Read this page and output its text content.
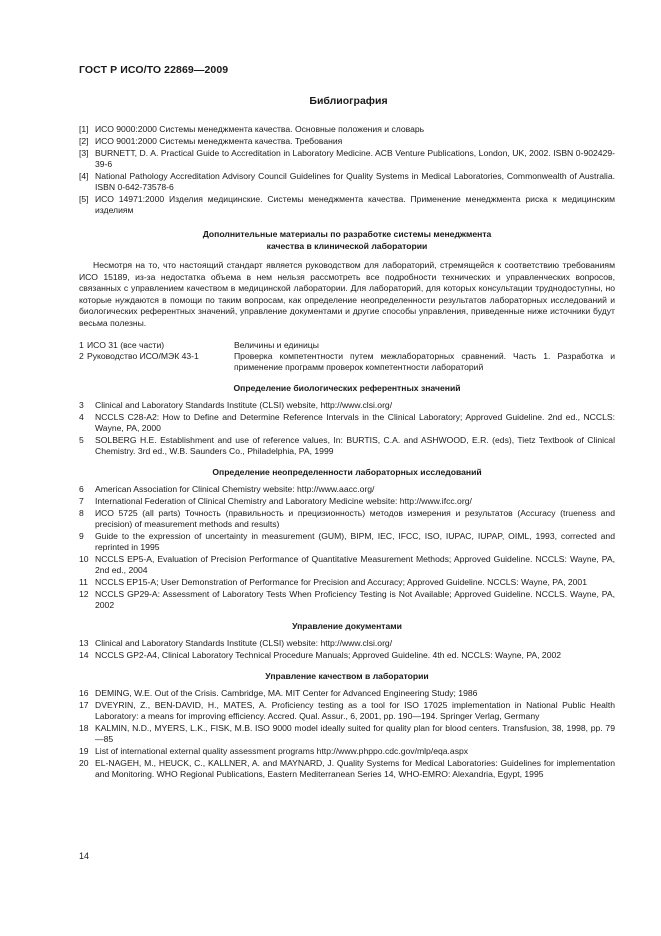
ГОСТ Р ИСО/ТО 22869—2009
Библиография
[1] ИСО 9000:2000 Системы менеджмента качества. Основные положения и словарь
[2] ИСО 9001:2000 Системы менеджмента качества. Требования
[3] BURNETT, D. A. Practical Guide to Accreditation in Laboratory Medicine. ACB Venture Publications, London, UK, 2002. ISBN 0-902429-39-6
[4] National Pathology Accreditation Advisory Council Guidelines for Quality Systems in Medical Laboratories, Commonwealth of Australia. ISBN 0-642-73578-6
[5] ИСО 14971:2000 Изделия медицинские. Системы менеджмента качества. Применение менеджмента риска к медицинским изделиям
Дополнительные материалы по разработке системы менеджмента
качества в клинической лаборатории
Несмотря на то, что настоящий стандарт является руководством для лабораторий, стремящейся к соответствию требованиям ИСО 15189, из-за недостатка объема в нем нельзя рассмотреть все подробности технических и управленческих вопросов, связанных с управлением качеством в медицинской лаборатории. Для лабораторий, для которых консультации труднодоступны, но которые нуждаются в помощи по таким вопросам, как определение неопределенности результатов лабораторных исследований и биологических референтных значений, управление документами и другие способы управления, приведенные ниже источники будут весьма полезны.
1 ИСО 31 (все части)	Величины и единицы
2 Руководство ИСО/МЭК 43-1	Проверка компетентности путем межлабораторных сравнений. Часть 1. Разработка и применение программ проверок компетентности лабораторий
Определение биологических референтных значений
3	Clinical and Laboratory Standards Institute (CLSI) website, http://www.clsi.org/
4	NCCLS C28-A2: How to Define and Determine Reference Intervals in the Clinical Laboratory; Approved Guideline. 2nd ed., NCCLS: Wayne, PA, 2000
5	SOLBERG H.E. Establishment and use of reference values, In: BURTIS, C.A. and ASHWOOD, E.R. (eds), Tietz Textbook of Clinical Chemistry. 3rd ed., W.B. Saunders Co., Philadelphia, PA, 1999
Определение неопределенности лабораторных исследований
6	American Association for Clinical Chemistry website: http://www.aacc.org/
7	International Federation of Clinical Chemistry and Laboratory Medicine website: http://www.ifcc.org/
8	ИСО 5725 (all parts) Точность (правильность и прецизионность) методов измерения и результатов (Accuracy (trueness and precision) of measurement methods and results)
9	Guide to the expression of uncertainty in measurement (GUM), BIPM, IEC, IFCC, ISO, IUPAC, IUPAP, OIML, 1993, corrected and reprinted in 1995
10 NCCLS EP5-A, Evaluation of Precision Performance of Quantitative Measurement Methods; Approved Guideline. NCCLS: Wayne, PA, 2nd ed., 2004
11 NCCLS EP15-A; User Demonstration of Performance for Precision and Accuracy; Approved Guideline. NCCLS: Wayne, PA, 2001
12 NCCLS GP29-A: Assessment of Laboratory Tests When Proficiency Testing is Not Available; Approved Guideline. NCCLS. Wayne, PA, 2002
Управление документами
13 Clinical and Laboratory Standards Institute (CLSI) website: http://www.clsi.org/
14 NCCLS GP2-A4, Clinical Laboratory Technical Procedure Manuals; Approved Guideline. 4th ed. NCCLS: Wayne, PA, 2002
Управление качеством в лаборатории
16 DEMING, W.E. Out of the Crisis. Cambridge, MA. MIT Center for Advanced Engineering Study; 1986
17 DVEYRIN, Z., BEN-DAVID, H., MATES, A. Proficiency testing as a tool for ISO 17025 implementation in National Public Health Laboratory: a means for improving efficiency. Accred. Qual. Assur., 6, 2001, pp. 190—194. Springer Verlag, Germany
18 KALMIN, N.D., MYERS, L.K., FISK, M.B. ISO 9000 model ideally suited for quality plan for blood centers. Transfusion, 38, 1998, pp. 79—85
19 List of international external quality assessment programs http://www.phppo.cdc.gov/mlp/eqa.aspx
20 EL-NAGEH, M., HEUCK, C., KALLNER, A. and MAYNARD, J. Quality Systems for Medical Laboratories: Guidelines for implementation and Monitoring. WHO Regional Publications, Eastern Mediterranean Series 14, WHO-EMRO: Alexandria, Egypt, 1995
14
